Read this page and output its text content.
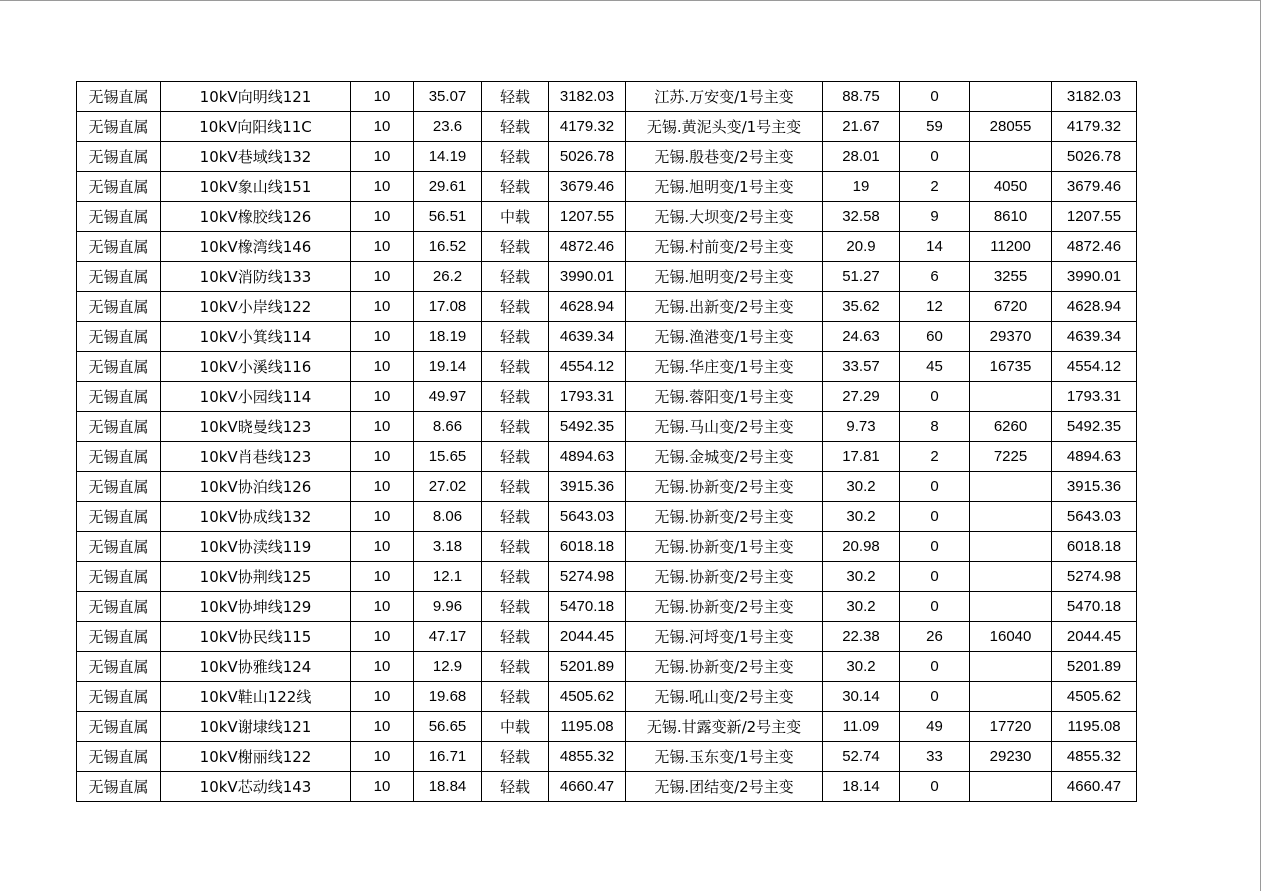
无锡直属	10kV向明线121	10	35.07	轻载	3182.03	江苏.万安变/1号主变	88.75	0		3182.03
无锡直属	10kV向阳线11C	10	23.6	轻载	4179.32	无锡.黄泥头变/1号主变	21.67	59	28055	4179.32
无锡直属	10kV巷域线132	10	14.19	轻载	5026.78	无锡.殷巷变/2号主变	28.01	0		5026.78
无锡直属	10kV象山线151	10	29.61	轻载	3679.46	无锡.旭明变/1号主变	19	2	4050	3679.46
无锡直属	10kV橡胶线126	10	56.51	中载	1207.55	无锡.大坝变/2号主变	32.58	9	8610	1207.55
无锡直属	10kV橡湾线146	10	16.52	轻载	4872.46	无锡.村前变/2号主变	20.9	14	11200	4872.46
无锡直属	10kV消防线133	10	26.2	轻载	3990.01	无锡.旭明变/2号主变	51.27	6	3255	3990.01
无锡直属	10kV小岸线122	10	17.08	轻载	4628.94	无锡.出新变/2号主变	35.62	12	6720	4628.94
无锡直属	10kV小箕线114	10	18.19	轻载	4639.34	无锡.渔港变/1号主变	24.63	60	29370	4639.34
无锡直属	10kV小溪线116	10	19.14	轻载	4554.12	无锡.华庄变/1号主变	33.57	45	16735	4554.12
无锡直属	10kV小园线114	10	49.97	轻载	1793.31	无锡.蓉阳变/1号主变	27.29	0		1793.31
无锡直属	10kV晓曼线123	10	8.66	轻载	5492.35	无锡.马山变/2号主变	9.73	8	6260	5492.35
无锡直属	10kV肖巷线123	10	15.65	轻载	4894.63	无锡.金城变/2号主变	17.81	2	7225	4894.63
无锡直属	10kV协泊线126	10	27.02	轻载	3915.36	无锡.协新变/2号主变	30.2	0		3915.36
无锡直属	10kV协成线132	10	8.06	轻载	5643.03	无锡.协新变/2号主变	30.2	0		5643.03
无锡直属	10kV协渎线119	10	3.18	轻载	6018.18	无锡.协新变/1号主变	20.98	0		6018.18
无锡直属	10kV协荆线125	10	12.1	轻载	5274.98	无锡.协新变/2号主变	30.2	0		5274.98
无锡直属	10kV协坤线129	10	9.96	轻载	5470.18	无锡.协新变/2号主变	30.2	0		5470.18
无锡直属	10kV协民线115	10	47.17	轻载	2044.45	无锡.河埒变/1号主变	22.38	26	16040	2044.45
无锡直属	10kV协雅线124	10	12.9	轻载	5201.89	无锡.协新变/2号主变	30.2	0		5201.89
无锡直属	10kV鞋山122线	10	19.68	轻载	4505.62	无锡.吼山变/2号主变	30.14	0		4505.62
无锡直属	10kV谢埭线121	10	56.65	中载	1195.08	无锡.甘露变新/2号主变	11.09	49	17720	1195.08
无锡直属	10kV榭丽线122	10	16.71	轻载	4855.32	无锡.玉东变/1号主变	52.74	33	29230	4855.32
无锡直属	10kV芯动线143	10	18.84	轻载	4660.47	无锡.团结变/2号主变	18.14	0		4660.47
